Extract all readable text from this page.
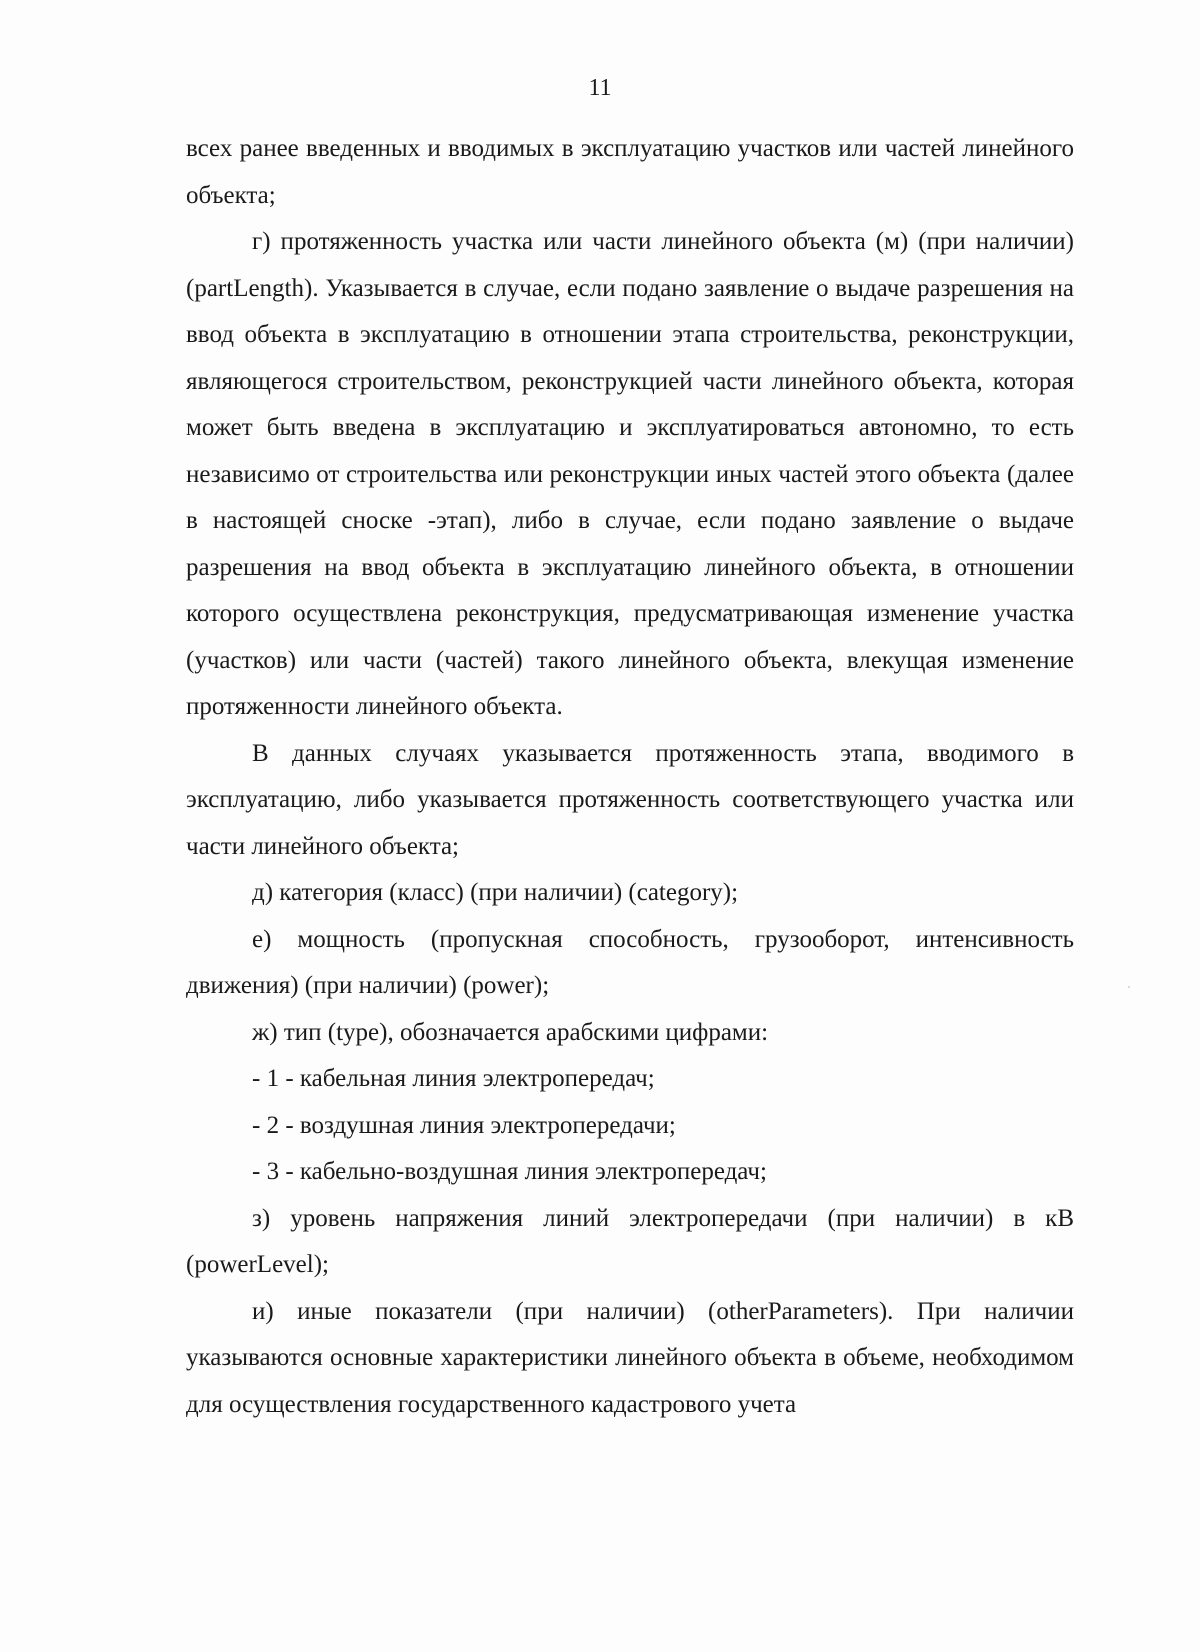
11

всех ранее введенных и вводимых в эксплуатацию участков или частей линейного объекта;

г) протяженность участка или части линейного объекта (м) (при наличии) (partLength). Указывается в случае, если подано заявление о выдаче разрешения на ввод объекта в эксплуатацию в отношении этапа строительства, реконструкции, являющегося строительством, реконструкцией части линейного объекта, которая может быть введена в эксплуатацию и эксплуатироваться автономно, то есть независимо от строительства или реконструкции иных частей этого объекта (далее в настоящей сноске -этап), либо в случае, если подано заявление о выдаче разрешения на ввод объекта в эксплуатацию линейного объекта, в отношении которого осуществлена реконструкция, предусматривающая изменение участка (участков) или части (частей) такого линейного объекта, влекущая изменение протяженности линейного объекта.

В данных случаях указывается протяженность этапа, вводимого в эксплуатацию, либо указывается протяженность соответствующего участка или части линейного объекта;

д) категория (класс) (при наличии) (category);

е) мощность (пропускная способность, грузооборот, интенсивность движения) (при наличии) (power);

ж) тип (type), обозначается арабскими цифрами:

- 1 - кабельная линия электропередач;

- 2 - воздушная линия электропередачи;

- 3 - кабельно-воздушная линия электропередач;

з) уровень напряжения линий электропередачи (при наличии) в кВ (powerLevel);

и) иные показатели (при наличии) (otherParameters). При наличии указываются основные характеристики линейного объекта в объеме, необходимом для осуществления государственного кадастрового учета
